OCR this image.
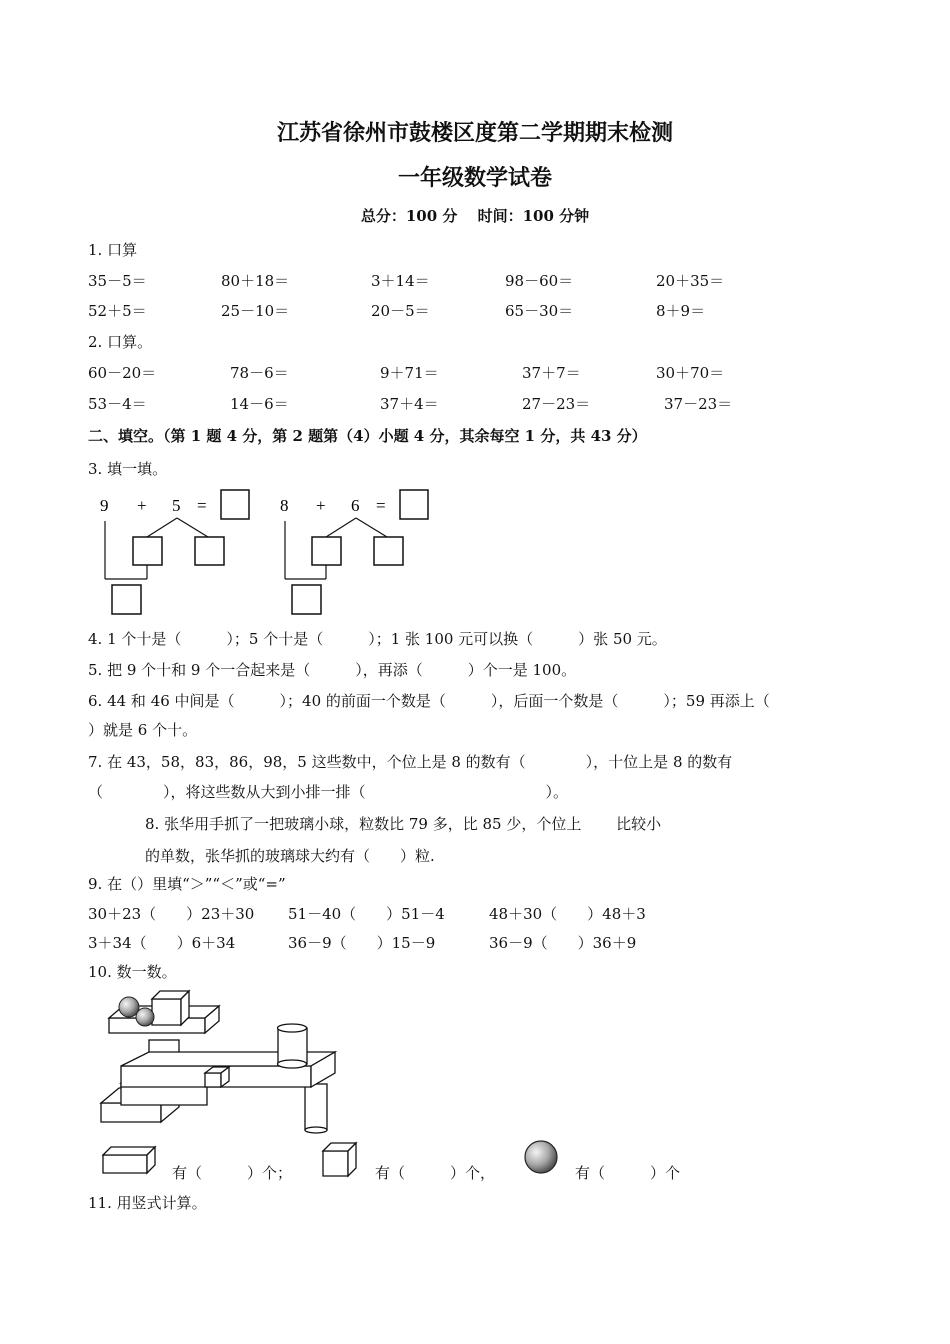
江苏省徐州市鼓楼区度第二学期期末检测
一年级数学试卷
总分：100 分　 时间：100 分钟
1. 口算
35－5＝	80＋18＝	3＋14＝	98－60＝	20＋35＝
52＋5＝	25－10＝	20－5＝	65－30＝	8＋9＝
2. 口算。
60－20＝	78－6＝	9＋71＝	37＋7＝	30＋70＝
53－4＝	14－6＝	37＋4＝	27－23＝	37－23＝
二、填空。（第 1 题 4 分，第 2 题第（4）小题 4 分，其余每空 1 分，共 43 分）
3. 填一填。
9 + 5 =	8 + 6 =
4. 1 个十是（　　　）；5 个十是（　　　）；1 张 100 元可以换（　　　）张 50 元。
5. 把 9 个十和 9 个一合起来是（　　　），再添（　　　）个一是 100。
6. 44 和 46 中间是（　　　）；40 的前面一个数是（　　　），后面一个数是（　　　）；59 再添上（
）就是 6 个十。
7. 在 43，58，83，86，98，5 这些数中，个位上是 8 的数有（　　　　），十位上是 8 的数有
（　　　　），将这些数从大到小排一排（　　　　　　　　　　　　）。
8. 张华用手抓了一把玻璃小球，粒数比 79 多，比 85 少，个位上　　 比较小
的单数，张华抓的玻璃球大约有（　　）粒.
9. 在（）里填“＞”“＜”或“=”
30＋23（　　）23＋30 51－40（　　）51－4	48＋30（　　）48＋3
3＋34（　　）6＋34	36－9（　　）15－9	36－9（　　）36＋9
10. 数一数。
有（　　　）个；	有（　　　）个，	有（　　　）个
11. 用竖式计算。
